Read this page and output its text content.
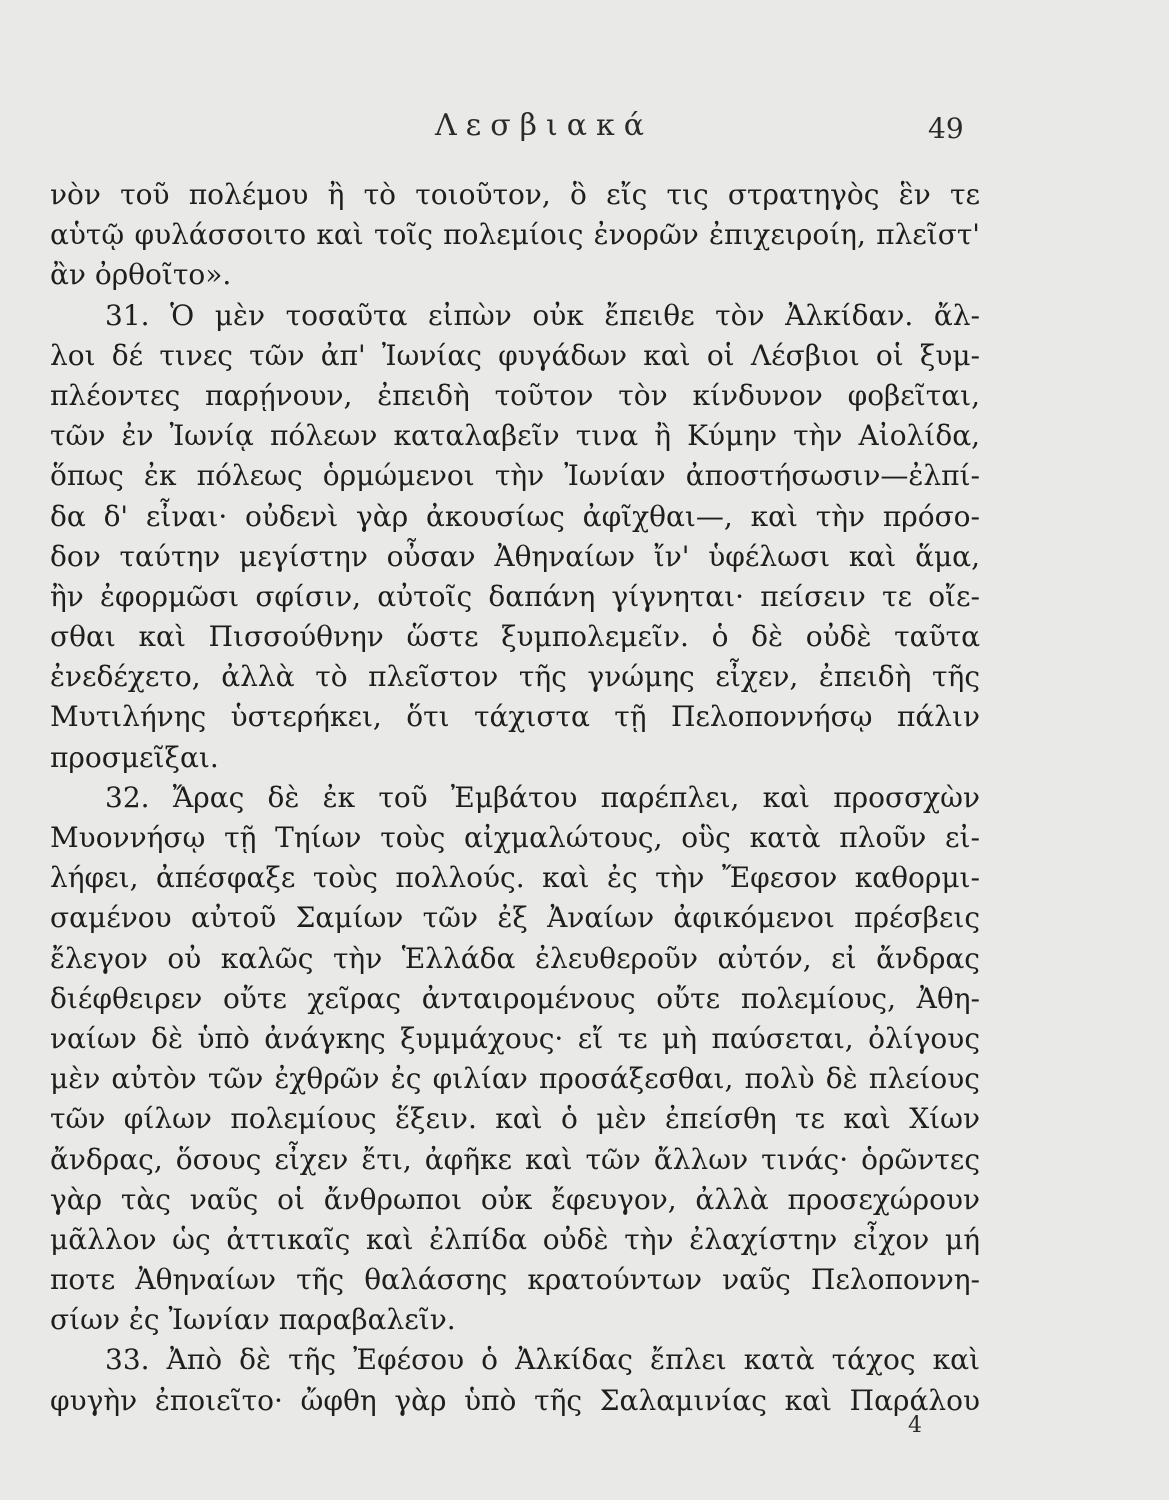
Λεσβιακά	49
νὸν τοῦ πολέμου ἢ τὸ τοιοῦτον, ὃ εἴς τις στρατηγὸς ἓν τε
αὑτῷ φυλάσσοιτο καὶ τοῖς πολεμίοις ἐνορῶν ἐπιχειροίη, πλεῖστ'
ἂν ὀρθοῖτο».
31. Ὁ μὲν τοσαῦτα εἰπὼν οὐκ ἔπειθε τὸν Ἀλκίδαν. ἄλ-
λοι δέ τινες τῶν ἀπ' Ἰωνίας φυγάδων καὶ οἱ Λέσβιοι οἱ ξυμ-
πλέοντες παρῄνουν, ἐπειδὴ τοῦτον τὸν κίνδυνον φοβεῖται,
τῶν ἐν Ἰωνίᾳ πόλεων καταλαβεῖν τινα ἢ Κύμην τὴν Αἰολίδα,
ὅπως ἐκ πόλεως ὁρμώμενοι τὴν Ἰωνίαν ἀποστήσωσιν—ἐλπί-
δα δ' εἶναι· οὐδενὶ γὰρ ἀκουσίως ἀφῖχθαι—, καὶ τὴν πρόσο-
δον ταύτην μεγίστην οὖσαν Ἀθηναίων ἴν' ὑφέλωσι καὶ ἅμα,
ἢν ἐφορμῶσι σφίσιν, αὐτοῖς δαπάνη γίγνηται· πείσειν τε οἴε-
σθαι καὶ Πισσούθνην ὥστε ξυμπολεμεῖν. ὁ δὲ οὐδὲ ταῦτα
ἐνεδέχετο, ἀλλὰ τὸ πλεῖστον τῆς γνώμης εἶχεν, ἐπειδὴ τῆς
Μυτιλήνης ὑστερήκει, ὅτι τάχιστα τῇ Πελοποννήσῳ πάλιν
προσμεῖξαι.
32. Ἄρας δὲ ἐκ τοῦ Ἐμβάτου παρέπλει, καὶ προσσχὼν
Μυοννήσῳ τῇ Τηίων τοὺς αἰχμαλώτους, οὓς κατὰ πλοῦν εἰ-
λήφει, ἀπέσφαξε τοὺς πολλούς. καὶ ἐς τὴν Ἔφεσον καθορμι-
σαμένου αὐτοῦ Σαμίων τῶν ἐξ Ἀναίων ἀφικόμενοι πρέσβεις
ἔλεγον οὐ καλῶς τὴν Ἑλλάδα ἐλευθεροῦν αὐτόν, εἰ ἄνδρας
διέφθειρεν οὔτε χεῖρας ἀνταιρομένους οὔτε πολεμίους, Ἀθη-
ναίων δὲ ὑπὸ ἀνάγκης ξυμμάχους· εἴ τε μὴ παύσεται, ὀλίγους
μὲν αὐτὸν τῶν ἐχθρῶν ἐς φιλίαν προσάξεσθαι, πολὺ δὲ πλείους
τῶν φίλων πολεμίους ἕξειν. καὶ ὁ μὲν ἐπείσθη τε καὶ Χίων
ἄνδρας, ὅσους εἶχεν ἔτι, ἀφῆκε καὶ τῶν ἄλλων τινάς· ὁρῶντες
γὰρ τὰς ναῦς οἱ ἄνθρωποι οὐκ ἔφευγον, ἀλλὰ προσεχώρουν
μᾶλλον ὡς ἀττικαῖς καὶ ἐλπίδα οὐδὲ τὴν ἐλαχίστην εἶχον μή
ποτε Ἀθηναίων τῆς θαλάσσης κρατούντων ναῦς Πελοποννη-
σίων ἐς Ἰωνίαν παραβαλεῖν.
33. Ἀπὸ δὲ τῆς Ἐφέσου ὁ Ἀλκίδας ἔπλει κατὰ τάχος καὶ
φυγὴν ἐποιεῖτο· ὤφθη γὰρ ὑπὸ τῆς Σαλαμινίας καὶ Παράλου
4
